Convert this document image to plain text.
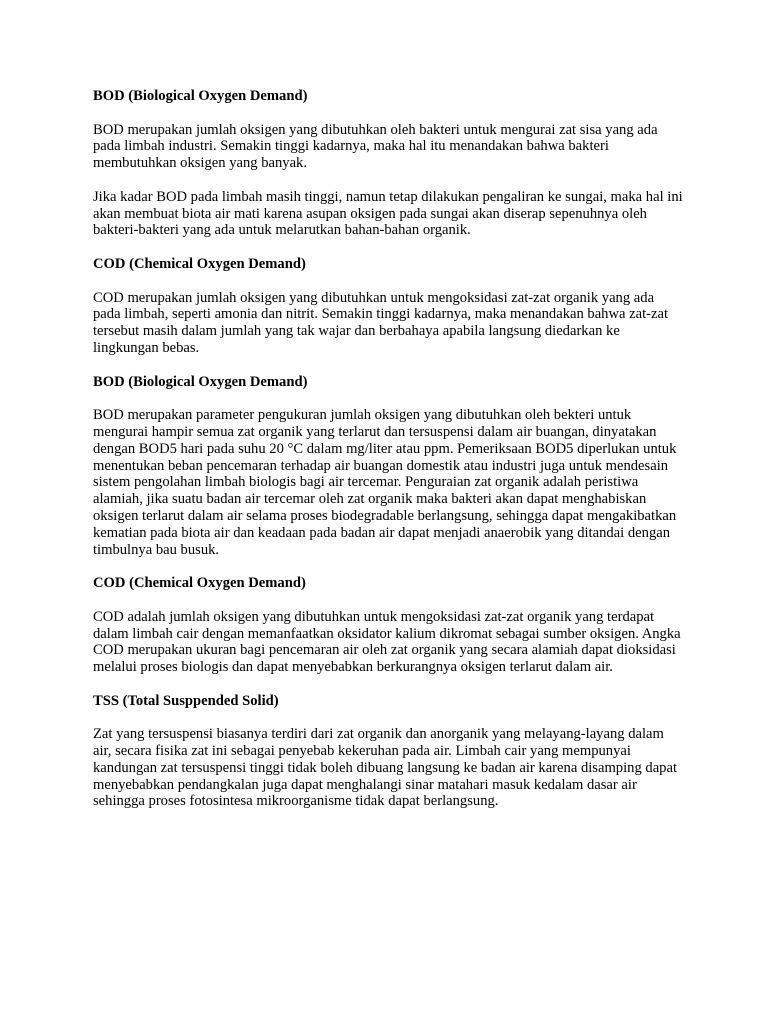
BOD (Biological Oxygen Demand)

BOD merupakan jumlah oksigen yang dibutuhkan oleh bakteri untuk mengurai zat sisa yang ada pada limbah industri. Semakin tinggi kadarnya, maka hal itu menandakan bahwa bakteri membutuhkan oksigen yang banyak.

Jika kadar BOD pada limbah masih tinggi, namun tetap dilakukan pengaliran ke sungai, maka hal ini akan membuat biota air mati karena asupan oksigen pada sungai akan diserap sepenuhnya oleh bakteri-bakteri yang ada untuk melarutkan bahan-bahan organik.

COD (Chemical Oxygen Demand)

COD merupakan jumlah oksigen yang dibutuhkan untuk mengoksidasi zat-zat organik yang ada pada limbah, seperti amonia dan nitrit. Semakin tinggi kadarnya, maka menandakan bahwa zat-zat tersebut masih dalam jumlah yang tak wajar dan berbahaya apabila langsung diedarkan ke lingkungan bebas.

BOD (Biological Oxygen Demand)

BOD merupakan parameter pengukuran jumlah oksigen yang dibutuhkan oleh bekteri untuk mengurai hampir semua zat organik yang terlarut dan tersuspensi dalam air buangan, dinyatakan dengan BOD5 hari pada suhu 20 °C dalam mg/liter atau ppm. Pemeriksaan BOD5 diperlukan untuk menentukan beban pencemaran terhadap air buangan domestik atau industri juga untuk mendesain sistem pengolahan limbah biologis bagi air tercemar. Penguraian zat organik adalah peristiwa alamiah, jika suatu badan air tercemar oleh zat organik maka bakteri akan dapat menghabiskan oksigen terlarut dalam air selama proses biodegradable berlangsung, sehingga dapat mengakibatkan kematian pada biota air dan keadaan pada badan air dapat menjadi anaerobik yang ditandai dengan timbulnya bau busuk.

COD (Chemical Oxygen Demand)

COD adalah jumlah oksigen yang dibutuhkan untuk mengoksidasi zat-zat organik yang terdapat dalam limbah cair dengan memanfaatkan oksidator kalium dikromat sebagai sumber oksigen. Angka COD merupakan ukuran bagi pencemaran air oleh zat organik yang secara alamiah dapat dioksidasi melalui proses biologis dan dapat menyebabkan berkurangnya oksigen terlarut dalam air.

TSS (Total Susppended Solid)

Zat yang tersuspensi biasanya terdiri dari zat organik dan anorganik yang melayang-layang dalam air, secara fisika zat ini sebagai penyebab kekeruhan pada air. Limbah cair yang mempunyai kandungan zat tersuspensi tinggi tidak boleh dibuang langsung ke badan air karena disamping dapat menyebabkan pendangkalan juga dapat menghalangi sinar matahari masuk kedalam dasar air sehingga proses fotosintesa mikroorganisme tidak dapat berlangsung.
